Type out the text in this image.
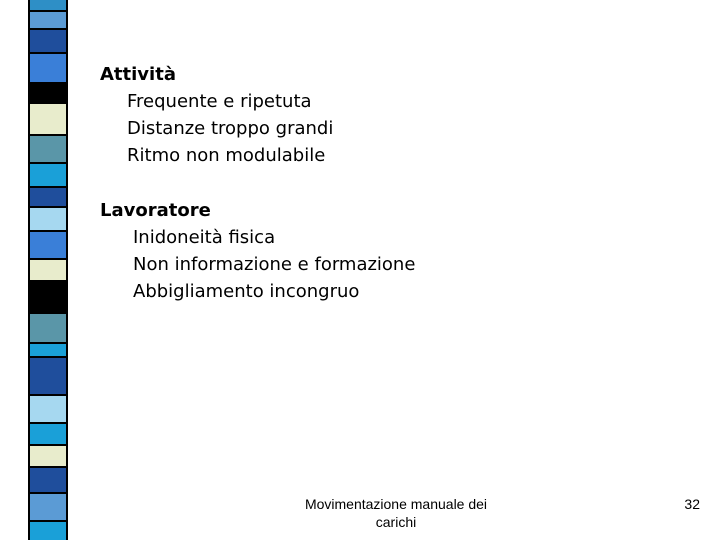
Attività

Frequente e ripetuta

Distanze troppo grandi

Ritmo non modulabile

Lavoratore

Inidoneità fisica

Non informazione e formazione

Abbigliamento incongruo

Movimentazione manuale dei carichi
32
